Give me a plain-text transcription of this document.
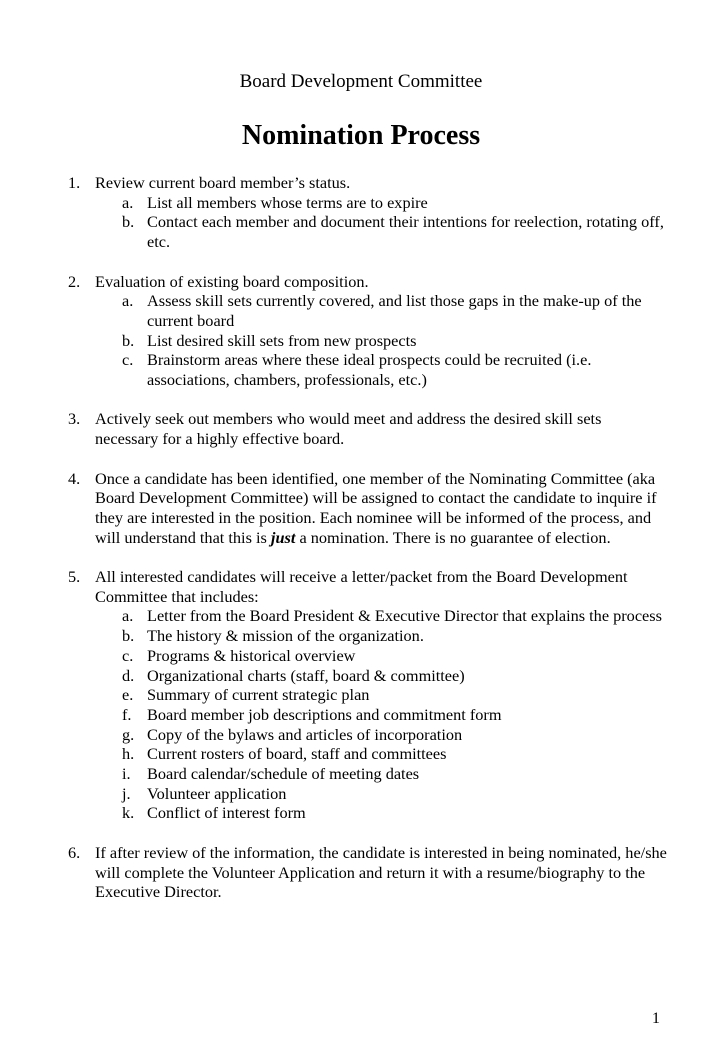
Board Development Committee
Nomination Process
1. Review current board member’s status.
a. List all members whose terms are to expire
b. Contact each member and document their intentions for reelection, rotating off, etc.
2. Evaluation of existing board composition.
a. Assess skill sets currently covered, and list those gaps in the make-up of the current board
b. List desired skill sets from new prospects
c. Brainstorm areas where these ideal prospects could be recruited (i.e. associations, chambers, professionals, etc.)
3. Actively seek out members who would meet and address the desired skill sets necessary for a highly effective board.
4. Once a candidate has been identified, one member of the Nominating Committee (aka Board Development Committee) will be assigned to contact the candidate to inquire if they are interested in the position. Each nominee will be informed of the process, and will understand that this is just a nomination. There is no guarantee of election.
5. All interested candidates will receive a letter/packet from the Board Development Committee that includes:
a. Letter from the Board President & Executive Director that explains the process
b. The history & mission of the organization.
c. Programs & historical overview
d. Organizational charts (staff, board & committee)
e. Summary of current strategic plan
f. Board member job descriptions and commitment form
g. Copy of the bylaws and articles of incorporation
h. Current rosters of board, staff and committees
i. Board calendar/schedule of meeting dates
j. Volunteer application
k. Conflict of interest form
6. If after review of the information, the candidate is interested in being nominated, he/she will complete the Volunteer Application and return it with a resume/biography to the Executive Director.
1
